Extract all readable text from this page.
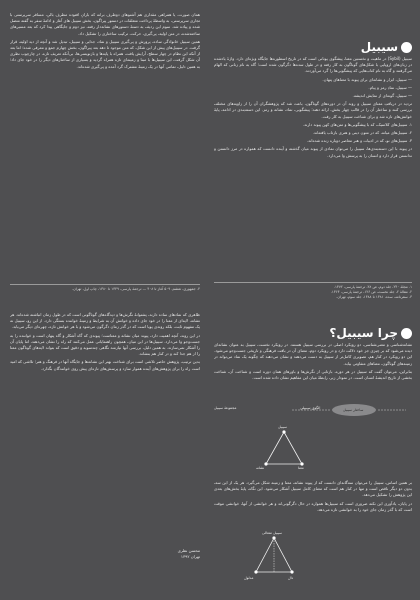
سیبیل

همان صورت، یا همراهی مقداری هم آشنوهای دوطرف برانه که بارانِ افتوده مطرف بالیِ، مسافر سرپرستی با تجاری سرپرستی، به واسطهٔ پرداخت متعلقات در دستور پیراگون، بخش سیبیل های آغاز و ادامهٔ سفر به گفته متصل شده و پیاده شد. سوم این ردیف به دستهٔ دستور‌های نشانه‌دار رفته، نیز دوم و جایگاهی پیدا کرد که بعد مسیرهای ساخته‌شده، در متن اولیه، پی‌گیری، حرکت، ترکیب ساختاری را تشکیل داد.

همین سیبیل خانوادگی ساده، پرورش و پی‌گیری سیبیل و نماد، جدایی و سیبیل، تبدیل شد و آنچه از دید اولیه، قرار گرفت. در سیبیل‌های پیش از این شکل، که متن موجود تا دهه بعد پیراگون، بخش چهارم جمع و معرفی شده؛ اما بعد از آنکه این نظام در چهار سطح، آرایش یافت، همراه با پایه‌ها و بازنویسی‌ها، بی‌آنکه تعریفِ تازه، در چارچوب نظری آن شکل گرفت، این سیبیل‌ها با مبنا و زمینه‌ای تازه همراه گردید و بسیاری از ساختارهای دیگر را در خود جای داد؛ به همین دلیل، تمامی آنها در یک زمینهٔ مشترک گرد آمده و پی‌گیری شده‌اند.

۴. جمهوری، ششم، ۵۰۹ آغاز تا ۴۰۸ — ترجمهٔ پارسی، ۱۳۴۹ تا ۱۳۸۰، چاپ اول، تهران.

سیبیل (Sybil) در ماهیت و نخستین معنا، پیشگوی یونانی است که در تاریخ اسطوره‌ها جایگاه ویژه‌ای دارد. واژهٔ یادشده در زبان‌های اروپایی با شکل‌های گوناگون به کار رفته و در طول سده‌ها دگرگون شده است؛ گاه به نام زنانی که الهام می‌گرفتند و گاه به نام کتاب‌هایی که پیشگویی‌ها را گرد می‌آوردند.

— سیبیل، ابزار و نشانه‌ای برای پیوند با معناهای پنهان.

— سیبیل، نمادِ رمز و پیام.

— سیبیل، گونه‌ای از نمایش اندیشه.

تردید در دریافتِ معنای سیبیل و روند آن در دوره‌های گوناگون، باعث شد که پژوهشگران آن را از زاویه‌های مختلف بررسی کنند و ساختار آن را در قالب چهار بخش، ارائه دهند: پیشگویی، نماد، نشانه و رمز. این دسته‌بندی در ادامه، پایهٔ خوانش‌های تازه شد و برای شناخت سیبیل به کار رفت.

۱. سیبیل‌های کلاسیک، که با پیشگویی‌ها و متن‌های کهن پیوند دارند.

۲. سیبیل‌های میانه، که در متون دینی و هنری بازتاب یافته‌اند.

۳. سیبیل‌های نو، که در ادبیات و هنر معاصر دوباره زنده شده‌اند.

در پیوند با این دسته‌بندی‌ها، سیبیل را می‌توان نمادی از پیوند میان گذشته و آینده دانست که همواره در مرز دانستن و ندانستن قرار دارد و انسان را به پرسش وا می‌دارد.

۱. مجلهٔ ۲۴۰، جلد دوم، ص ۳۸، ترجمهٔ پارسی، ۱۳۷۲.
۲. مقالهٔ ۲، جلد نخست، ص ۱۲۶، ترجمهٔ پارسی، ۱۳۶۴.
۳. سفرنامه، سده، ۱۳۸۱ تا ۱۳۸۸، جلد سوم، تهران.
چرا سیبیل؟

ظاهری که نمادهای ساده دارند، پشتوانهٔ نگرش‌ها و دیدگاه‌های گوناگونی است که در طول زمان انباشته شده‌اند. هر نشانه، لایه‌ای از معنا را در خود جای داده و خوانش آن به شرایط و زمینهٔ خواننده بستگی دارد. از این رو، سیبیل نه یک مفهوم ثابت، بلکه روندی پویا است که در گذر زمان دگرگون می‌شود و با هر خوانش تازه، چهره‌ای دیگر می‌یابد.

در این روند، آنچه اهمیت دارد، پیوند میان نشانه و معناست؛ پیوندی که گاه آشکار و گاه پنهان است و خواننده را به جست‌وجو وا می‌دارد. سیبیل‌ها در این میان، همچون راهنمایانی عمل می‌کنند که راه را نشان می‌دهند، اما پایان آن را آشکار نمی‌سازند. به همین دلیل، بررسی آنها نیازمند نگاهی چندسویه و دقیق است که بتواند لایه‌های گوناگون معنا را از هم جدا کند و در کنار هم بنشاند.

بدین ترتیب، پژوهش حاضر تلاشی است برای شناخت بهتر این نشانه‌ها و جایگاه آنها در فرهنگ و هنر؛ تلاشی که امید است راه را برای پژوهش‌های آینده هموار سازد و پرسش‌های تازه‌ای پیش روی خوانندگان بگذارد.

محسن نظری
تهران ۱۳۹۲

نشانه‌شناسی و معنی‌شناسی، دو رویکرد اصلی در بررسی سیبیل هستند. در رویکرد نخست، سیبیل به عنوان نشانه‌ای دیده می‌شود که بر چیزی جز خود دلالت دارد و در رویکرد دوم، معنای آن در بافت فرهنگی و تاریخی جست‌وجو می‌شود. این دو رویکرد در کنار هم، تصویری کامل‌تر از سیبیل به دست می‌دهند و نشان می‌دهند که چگونه یک نماد می‌تواند در زمینه‌های گوناگون، معناهای متفاوتی بیابد.

بنابراین، می‌توان گفت که سیبیل در هر دوره، بازتابی از نگرش‌ها و باورهای همان دوره است و شناخت آن، شناخت بخشی از تاریخ اندیشهٔ انسان است. در نمودار زیر، رابطهٔ میان این مفاهیم نشان داده شده است.

مجموعهٔ سیبیل	الگوی سیبیلی	ساختار سیبیل
سیبیل
نشانه	معنا

بر همین اساس، سیبیل را می‌توان سه‌گانه‌ای دانست که از پیوند نشانه، معنا و زمینه شکل می‌گیرد. هر یک از این سه، بدون دو دیگر ناقص است و تنها در کنار هم است که معنای کامل سیبیل آشکار می‌شود. این نگاه، پایهٔ بخش‌های بعدی این پژوهش را تشکیل می‌دهد.

در پایان، یادآوری این نکته ضروری است که سیبیل‌ها همواره در حال دگرگونی‌اند و هر خوانشی از آنها، خوانشی موقت است که با گذر زمان جای خود را به خوانشی تازه می‌دهد.

سیبیل متعالی
مدلول	دال
